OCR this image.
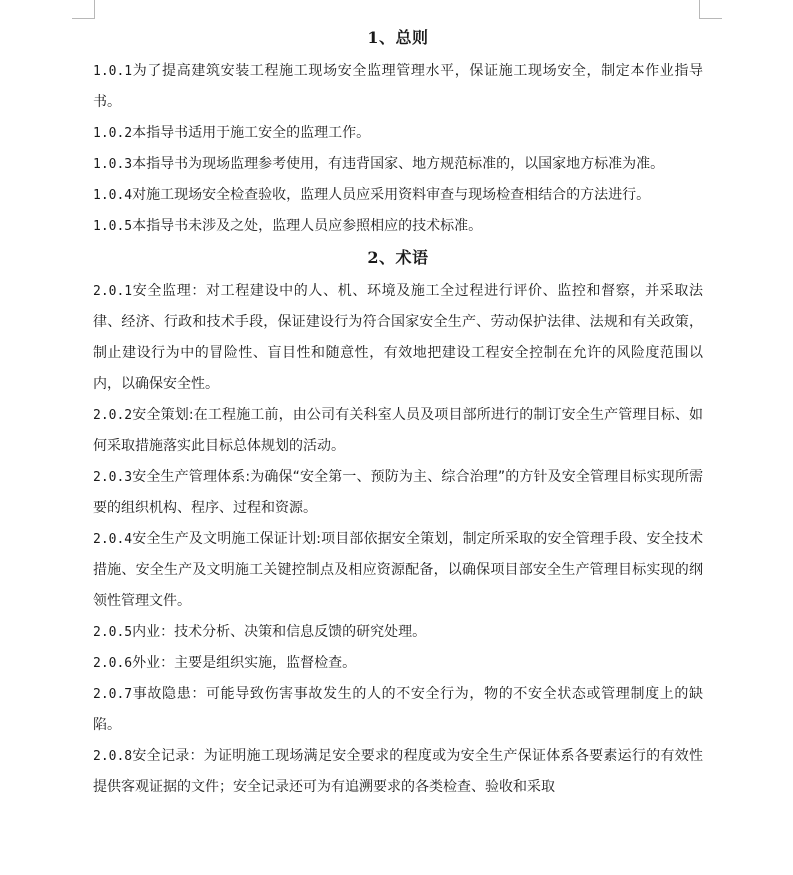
1、总则

1.0.1为了提高建筑安装工程施工现场安全监理管理水平，保证施工现场安全，制定本作业指导书。

1.0.2本指导书适用于施工安全的监理工作。

1.0.3本指导书为现场监理参考使用，有违背国家、地方规范标准的，以国家地方标准为准。

1.0.4对施工现场安全检查验收，监理人员应采用资料审查与现场检查相结合的方法进行。

1.0.5本指导书未涉及之处，监理人员应参照相应的技术标准。

2、术语

2.0.1安全监理：对工程建设中的人、机、环境及施工全过程进行评价、监控和督察，并采取法律、经济、行政和技术手段，保证建设行为符合国家安全生产、劳动保护法律、法规和有关政策，制止建设行为中的冒险性、盲目性和随意性，有效地把建设工程安全控制在允许的风险度范围以内，以确保安全性。

2.0.2安全策划:在工程施工前，由公司有关科室人员及项目部所进行的制订安全生产管理目标、如何采取措施落实此目标总体规划的活动。

2.0.3安全生产管理体系:为确保“安全第一、预防为主、综合治理”的方针及安全管理目标实现所需要的组织机构、程序、过程和资源。

2.0.4安全生产及文明施工保证计划:项目部依据安全策划，制定所采取的安全管理手段、安全技术措施、安全生产及文明施工关键控制点及相应资源配备，以确保项目部安全生产管理目标实现的纲领性管理文件。

2.0.5内业：技术分析、决策和信息反馈的研究处理。

2.0.6外业：主要是组织实施，监督检查。

2.0.7事故隐患：可能导致伤害事故发生的人的不安全行为，物的不安全状态或管理制度上的缺陷。

2.0.8安全记录：为证明施工现场满足安全要求的程度或为安全生产保证体系各要素运行的有效性提供客观证据的文件；安全记录还可为有追溯要求的各类检查、验收和采取
